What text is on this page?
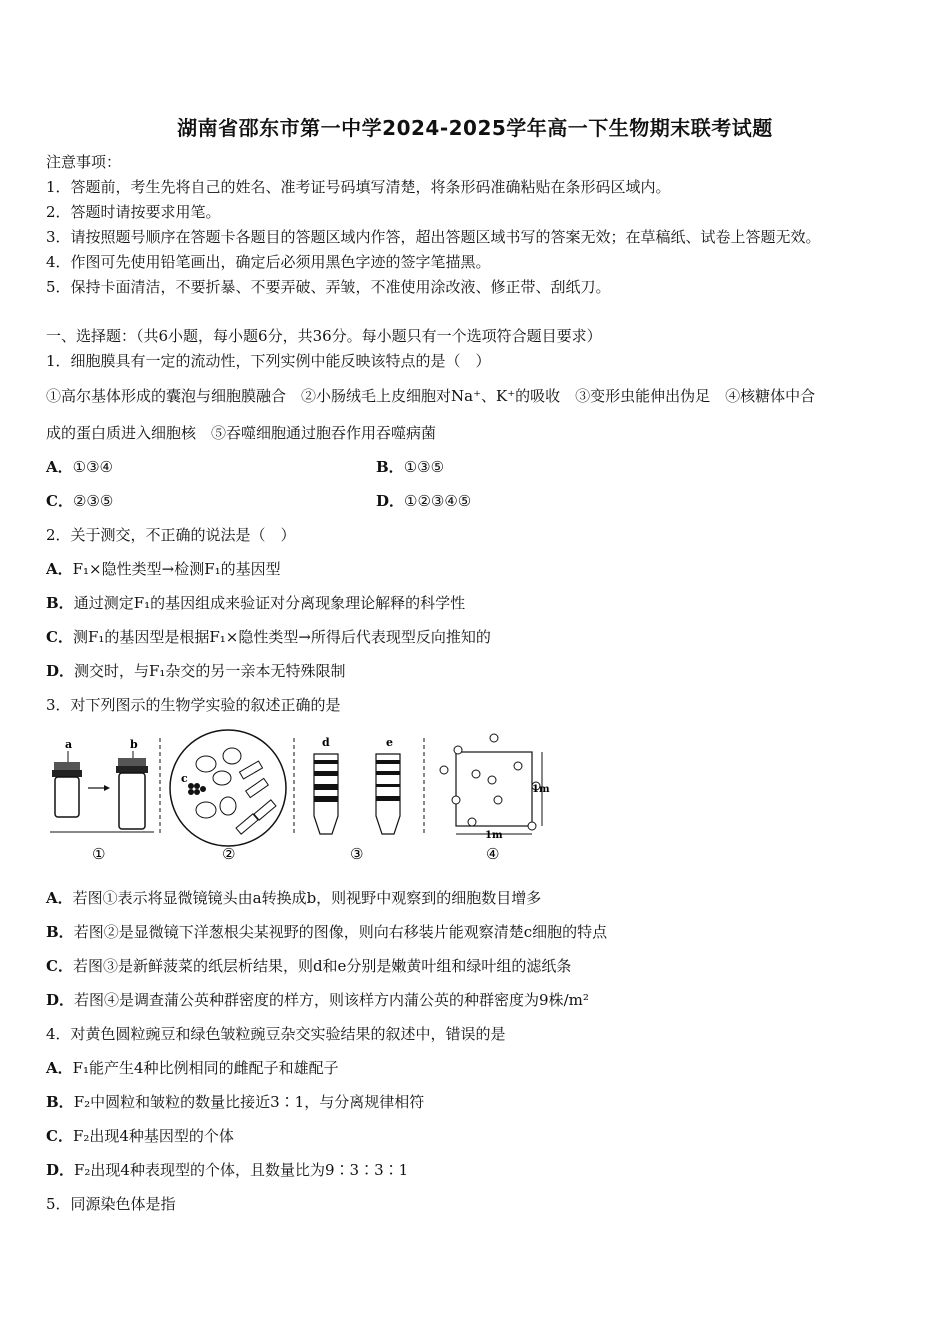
湖南省邵东市第一中学2024-2025学年高一下生物期末联考试题
注意事项：
1．答题前，考生先将自己的姓名、准考证号码填写清楚，将条形码准确粘贴在条形码区域内。
2．答题时请按要求用笔。
3．请按照题号顺序在答题卡各题目的答题区域内作答，超出答题区域书写的答案无效；在草稿纸、试卷上答题无效。
4．作图可先使用铅笔画出，确定后必须用黑色字迹的签字笔描黑。
5．保持卡面清洁，不要折暴、不要弄破、弄皱，不准使用涂改液、修正带、刮纸刀。
一、选择题：（共6小题，每小题6分，共36分。每小题只有一个选项符合题目要求）
1．细胞膜具有一定的流动性，下列实例中能反映该特点的是（　）
①高尔基体形成的囊泡与细胞膜融合　②小肠绒毛上皮细胞对Na⁺、K⁺的吸收　③变形虫能伸出伪足　④核糖体中合
成的蛋白质进入细胞核　⑤吞噬细胞通过胞吞作用吞噬病菌
A．①③④	B．①③⑤
C．②③⑤	D．①②③④⑤
2．关于测交，不正确的说法是（　）
A．F₁×隐性类型→检测F₁的基因型
B．通过测定F₁的基因组成来验证对分离现象理论解释的科学性
C．测F₁的基因型是根据F₁×隐性类型→所得后代表现型反向推知的
D．测交时，与F₁杂交的另一亲本无特殊限制
3．对下列图示的生物学实验的叙述正确的是
a	b
①
c
②
d	e
③
1m
1m
④
A．若图①表示将显微镜镜头由a转换成b，则视野中观察到的细胞数目增多
B．若图②是显微镜下洋葱根尖某视野的图像，则向右移装片能观察清楚c细胞的特点
C．若图③是新鲜菠菜的纸层析结果，则d和e分别是嫩黄叶组和绿叶组的滤纸条
D．若图④是调查蒲公英种群密度的样方，则该样方内蒲公英的种群密度为9株/m²
4．对黄色圆粒豌豆和绿色皱粒豌豆杂交实验结果的叙述中，错误的是
A．F₁能产生4种比例相同的雌配子和雄配子
B．F₂中圆粒和皱粒的数量比接近3∶1，与分离规律相符
C．F₂出现4种基因型的个体
D．F₂出现4种表现型的个体，且数量比为9∶3∶3∶1
5．同源染色体是指
